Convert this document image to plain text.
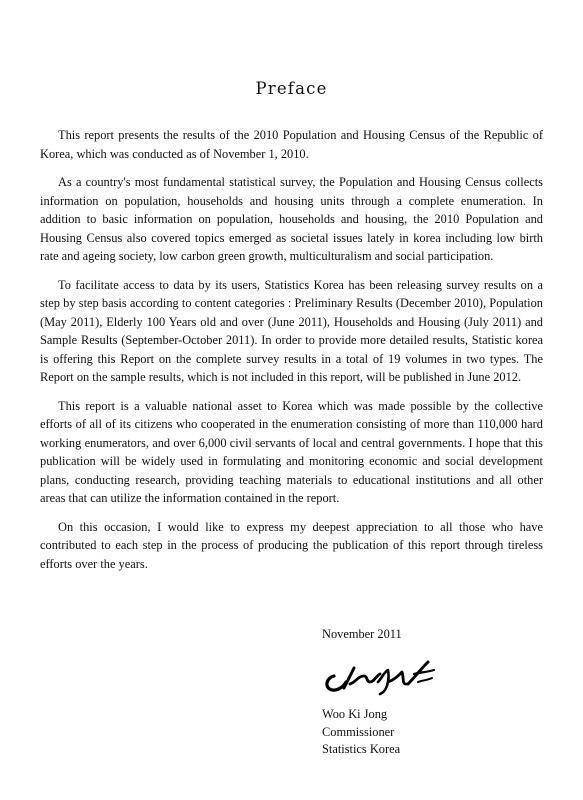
Preface

This report presents the results of the 2010 Population and Housing Census of the Republic of Korea, which was conducted as of November 1, 2010.

As a country's most fundamental statistical survey, the Population and Housing Census collects information on population, households and housing units through a complete enumeration. In addition to basic information on population, households and housing, the 2010 Population and Housing Census also covered topics emerged as societal issues lately in korea including low birth rate and ageing society, low carbon green growth, multiculturalism and social participation.

To facilitate access to data by its users, Statistics Korea has been releasing survey results on a step by step basis according to content categories : Preliminary Results (December 2010), Population (May 2011), Elderly 100 Years old and over (June 2011), Households and Housing (July 2011) and Sample Results (September-October 2011). In order to provide more detailed results, Statistic korea is offering this Report on the complete survey results in a total of 19 volumes in two types. The Report on the sample results, which is not included in this report, will be published in June 2012.

This report is a valuable national asset to Korea which was made possible by the collective efforts of all of its citizens who cooperated in the enumeration consisting of more than 110,000 hard working enumerators, and over 6,000 civil servants of local and central governments. I hope that this publication will be widely used in formulating and monitoring economic and social development plans, conducting research, providing teaching materials to educational institutions and all other areas that can utilize the information contained in the report.

On this occasion, I would like to express my deepest appreciation to all those who have contributed to each step in the process of producing the publication of this report through tireless efforts over the years.

November 2011

Woo Ki Jong

Commissioner

Statistics Korea
